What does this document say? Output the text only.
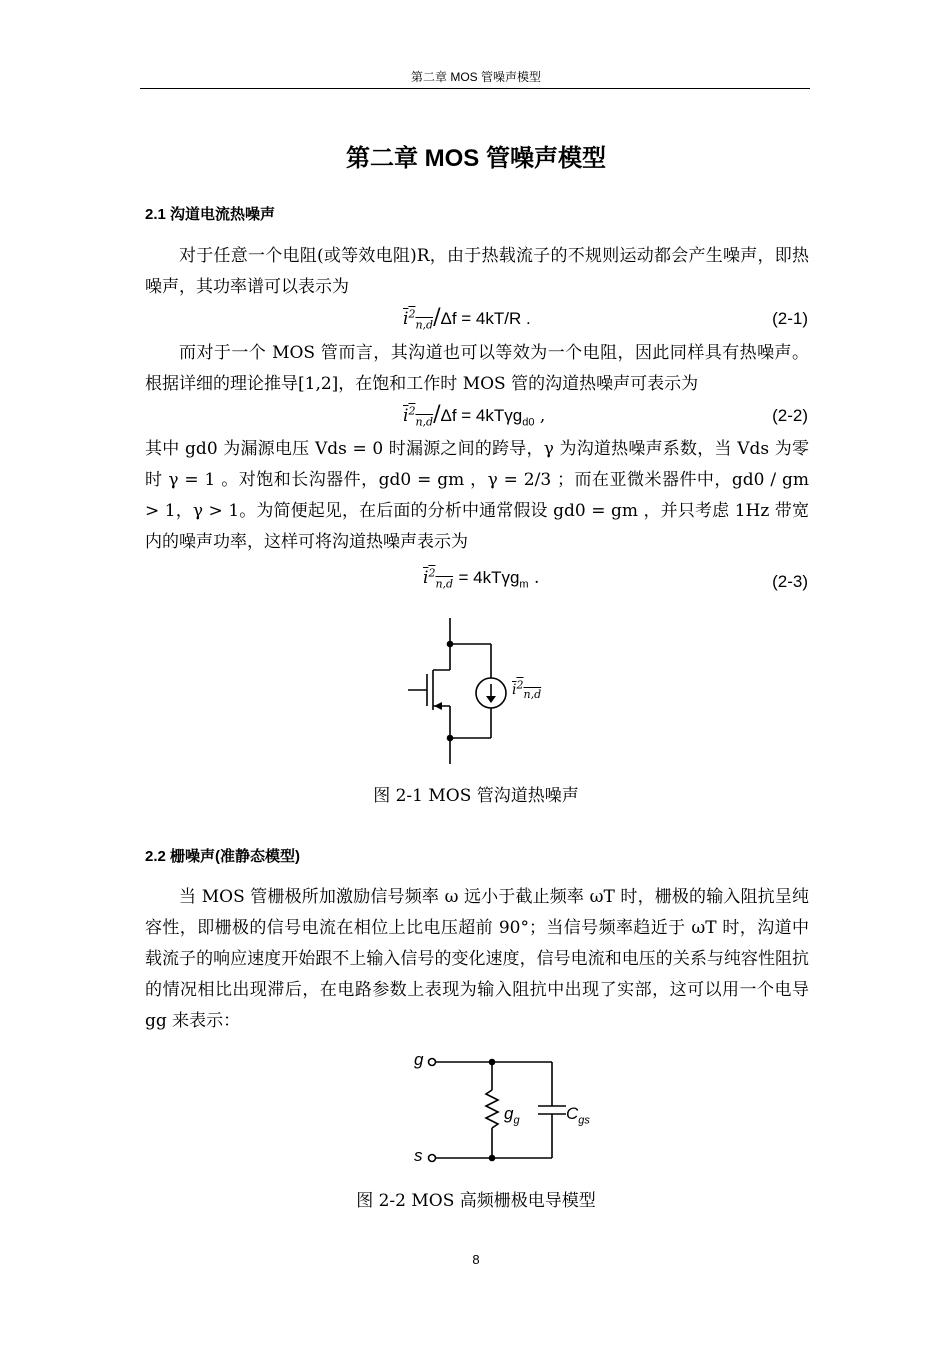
第二章 MOS 管噪声模型
第二章 MOS 管噪声模型
2.1 沟道电流热噪声
对于任意一个电阻(或等效电阻)R，由于热载流子的不规则运动都会产生噪声，即热噪声，其功率谱可以表示为
$i^2_{n,d}/\Delta f = 4kT/R$ .	(2-1)
而对于一个 MOS 管而言，其沟道也可以等效为一个电阻，因此同样具有热噪声。根据详细的理论推导[1,2]，在饱和工作时 MOS 管的沟道热噪声可表示为
$i^2_{n,d}/\Delta f = 4kT\gamma g_{d0}$ ,	(2-2)
其中 gd0 为漏源电压 Vds = 0 时漏源之间的跨导，γ 为沟道热噪声系数，当 Vds 为零时 γ = 1 。对饱和长沟器件，gd0 = gm ，γ = 2/3 ；而在亚微米器件中，gd0 / gm > 1，γ > 1。为简便起见，在后面的分析中通常假设 gd0 = gm ，并只考虑 1Hz 带宽内的噪声功率，这样可将沟道热噪声表示为
$i^2_{n,d} = 4kT\gamma g_m$ .	(2-3)
$i^2_{n,d}$
图 2-1 MOS 管沟道热噪声
2.2 栅噪声(准静态模型)
当 MOS 管栅极所加激励信号频率 ω 远小于截止频率 ωT 时，栅极的输入阻抗呈纯容性，即栅极的信号电流在相位上比电压超前 90°；当信号频率趋近于 ωT 时，沟道中载流子的响应速度开始跟不上输入信号的变化速度，信号电流和电压的关系与纯容性阻抗的情况相比出现滞后，在电路参数上表现为输入阻抗中出现了实部，这可以用一个电导 gg 来表示：
g
s
$g_g$	$C_{gs}$
图 2-2 MOS 高频栅极电导模型
8
